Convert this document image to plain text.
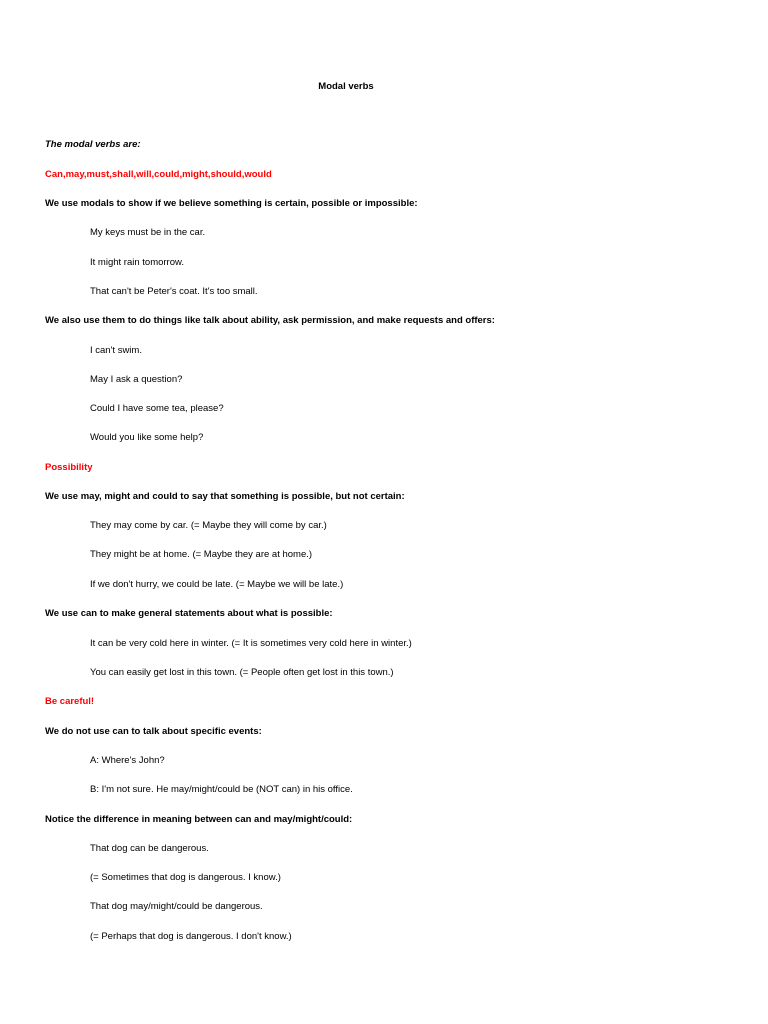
Modal verbs
The modal verbs are:
Can,may,must,shall,will,could,might,should,would
We use modals to show if we believe something is certain, possible or impossible:
My keys must be in the car.
It might rain tomorrow.
That can't be Peter's coat. It's too small.
We also use them to do things like talk about ability, ask permission, and make requests and offers:
I can't swim.
May I ask a question?
Could I have some tea, please?
Would you like some help?
Possibility
We use may, might and could to say that something is possible, but not certain:
They may come by car. (= Maybe they will come by car.)
They might be at home. (= Maybe they are at home.)
If we don't hurry, we could be late. (= Maybe we will be late.)
We use can to make general statements about what is possible:
It can be very cold here in winter. (= It is sometimes very cold here in winter.)
You can easily get lost in this town. (= People often get lost in this town.)
Be careful!
We do not use can to talk about specific events:
A: Where's John?
B: I'm not sure. He may/might/could be (NOT can) in his office.
Notice the difference in meaning between can and may/might/could:
That dog can be dangerous.
(= Sometimes that dog is dangerous. I know.)
That dog may/might/could be dangerous.
(= Perhaps that dog is dangerous. I don't know.)
